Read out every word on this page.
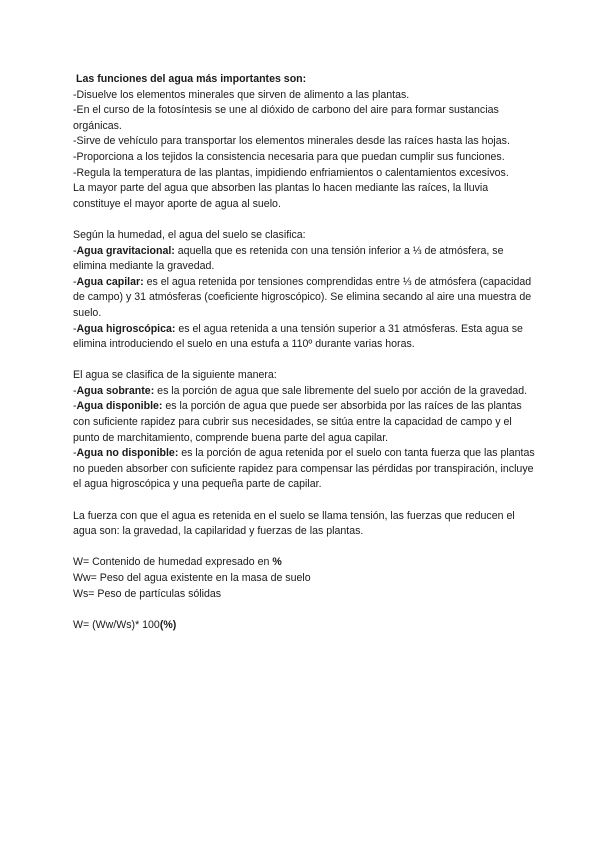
Las funciones del agua más importantes son:

-Disuelve los elementos minerales que sirven de alimento a las plantas.

-En el curso de la fotosíntesis se une al dióxido de carbono del aire para formar sustancias orgánicas.

-Sirve de vehículo para transportar los elementos minerales desde las raíces hasta las hojas.

-Proporciona a los tejidos la consistencia necesaria para que puedan cumplir sus funciones.

-Regula la temperatura de las plantas, impidiendo enfriamientos o calentamientos excesivos.

La mayor parte del agua que absorben las plantas lo hacen mediante las raíces, la lluvia constituye el mayor aporte de agua al suelo.

Según la humedad, el agua del suelo se clasifica:

-Agua gravitacional: aquella que es retenida con una tensión inferior a ⅓ de atmósfera, se elimina mediante la gravedad.

-Agua capilar: es el agua retenida por tensiones comprendidas entre ⅓ de atmósfera (capacidad de campo) y 31 atmósferas (coeficiente higroscópico). Se elimina secando al aire una muestra de suelo.

-Agua higroscópica: es el agua retenida a una tensión superior a 31 atmósferas. Esta agua se elimina introduciendo el suelo en una estufa a 110º durante varias horas.

El agua se clasifica de la siguiente manera:

-Agua sobrante: es la porción de agua que sale libremente del suelo por acción de la gravedad.

-Agua disponible: es la porción de agua que puede ser absorbida por las raíces de las plantas con suficiente rapidez para cubrir sus necesidades, se sitúa entre la capacidad de campo y el punto de marchitamiento, comprende buena parte del agua capilar.

-Agua no disponible: es la porción de agua retenida por el suelo con tanta fuerza que las plantas no pueden absorber con suficiente rapidez para compensar las pérdidas por transpiración, incluye el agua higroscópica y una pequeña parte de capilar.

La fuerza con que el agua es retenida en el suelo se llama tensión, las fuerzas que reducen el agua son: la gravedad, la capilaridad y fuerzas de las plantas.

W= Contenido de humedad expresado en %

Ww= Peso del agua existente en la masa de suelo

Ws= Peso de partículas sólidas

W= (Ww/Ws)* 100(%)
